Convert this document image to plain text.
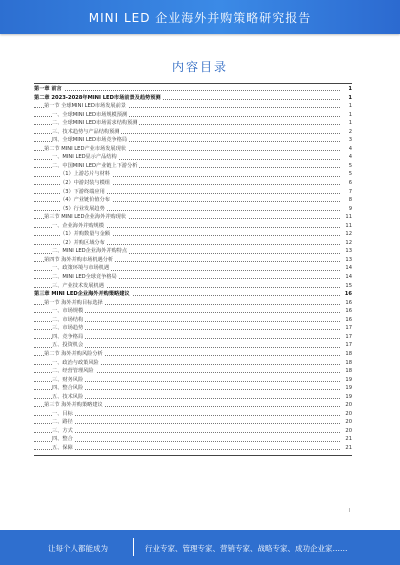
MINI LED 企业海外并购策略研究报告
内容目录
第一章 前言	1
第二章 2023-2028年MINI LED市场前景及趋势预测	1
第一节 全球MINI LED市场发展前景	1
一、全球MINI LED市场规模预测	1
二、全球MINI LED市场需求结构预测	1
三、技术趋势与产品结构预测	2
四、全球MINI LED市场竞争格局	3
第二节 MINI LED产业市场发展现状	4
一、MINI LED显示产品结构	4
二、中国MINI LED产业链上下游分析	5
（1）上游芯片与材料	5
（2）中游封装与模组	6
（3）下游终端应用	7
（4）产业链价值分布	8
（5）行业发展趋势	9
第三节 MINI LED企业海外并购现状	11
一、企业海外并购规模	11
（1）并购数量与金额	12
（2）并购区域分布	12
二、MINI LED企业海外并购特点	13
第四节 海外并购市场机遇分析	13
一、政策环境与市场机遇	14
二、MINI LED全球竞争格局	14
三、产业技术发展机遇	15
第三章 MINI LED企业海外并购策略建议	16
第一节 海外并购目标选择	16
一、市场规模	16
二、市场结构	16
三、市场趋势	17
四、竞争格局	17
五、投资机会	17
第二节 海外并购风险分析	18
一、政治与政策风险	18
二、经营管理风险	18
三、财务风险	19
四、整合风险	19
五、技术风险	19
第三节 海外并购策略建议	20
一、目标	20
二、路径	20
三、方式	20
四、整合	21
五、保障	21
I
让每个人都能成为	行业专家、管理专家、营销专家、战略专家、成功企业家……
